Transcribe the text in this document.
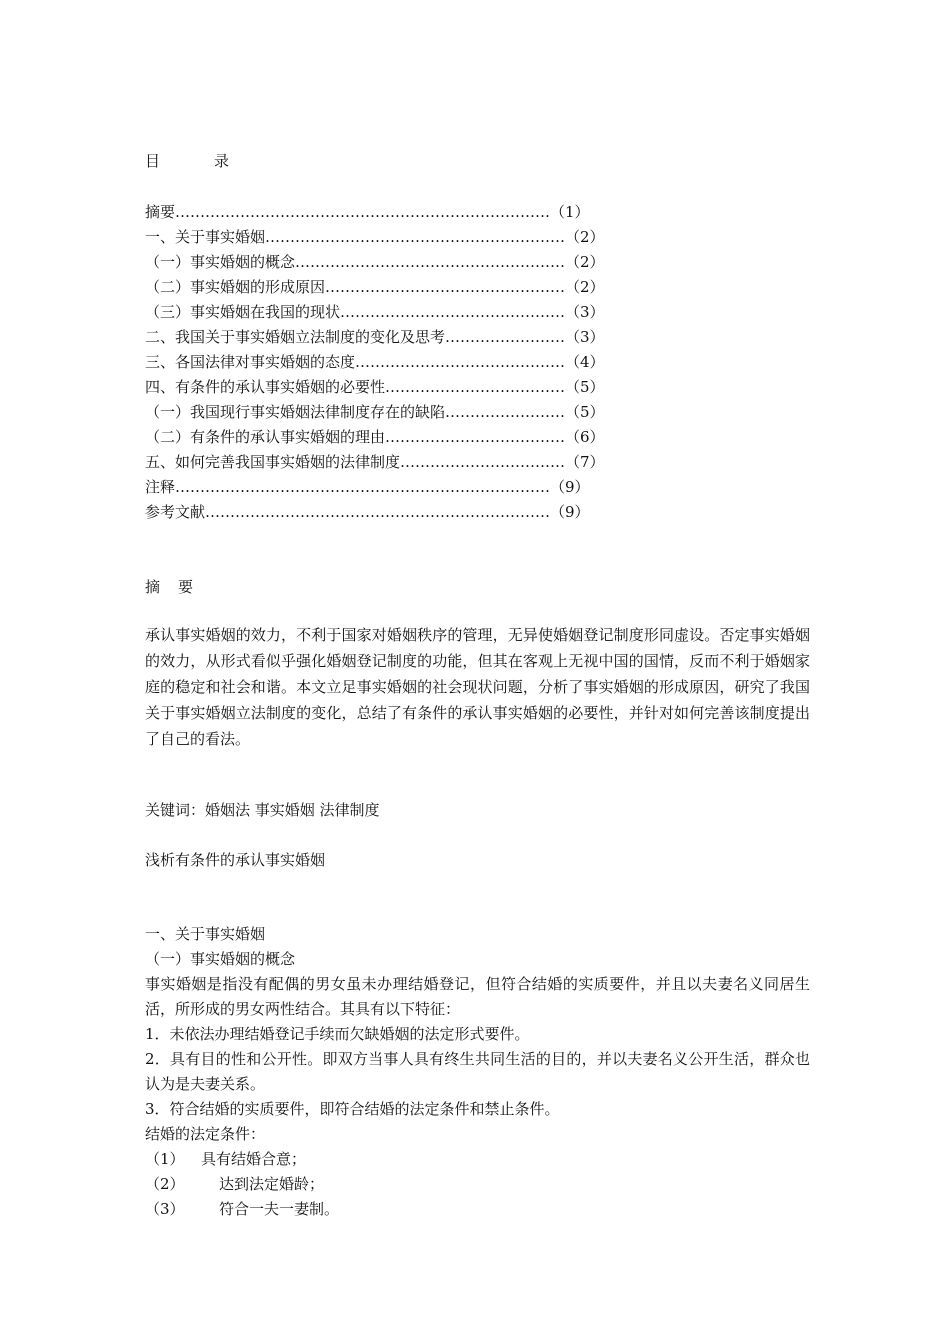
目	录
摘要…………………………………………………………………（1）
一、关于事实婚姻……………………………………………………（2）
（一）事实婚姻的概念………………………………………………（2）
（二）事实婚姻的形成原因…………………………………………（2）
（三）事实婚姻在我国的现状………………………………………（3）
二、我国关于事实婚姻立法制度的变化及思考……………………（3）
三、各国法律对事实婚姻的态度……………………………………（4）
四、有条件的承认事实婚姻的必要性………………………………（5）
（一）我国现行事实婚姻法律制度存在的缺陷……………………（5）
（二）有条件的承认事实婚姻的理由………………………………（6）
五、如何完善我国事实婚姻的法律制度……………………………（7）
注释…………………………………………………………………（9）
参考文献……………………………………………………………（9）
摘 要
承认事实婚姻的效力，不利于国家对婚姻秩序的管理，无异使婚姻登记制度形同虚设。否定事实婚姻的效力，从形式看似乎强化婚姻登记制度的功能，但其在客观上无视中国的国情，反而不利于婚姻家庭的稳定和社会和谐。本文立足事实婚姻的社会现状问题，分析了事实婚姻的形成原因，研究了我国关于事实婚姻立法制度的变化，总结了有条件的承认事实婚姻的必要性，并针对如何完善该制度提出了自己的看法。
关键词：婚姻法 事实婚姻 法律制度
浅析有条件的承认事实婚姻
一、关于事实婚姻
（一）事实婚姻的概念
事实婚姻是指没有配偶的男女虽未办理结婚登记，但符合结婚的实质要件，并且以夫妻名义同居生活，所形成的男女两性结合。其具有以下特征：
1．未依法办理结婚登记手续而欠缺婚姻的法定形式要件。
2．具有目的性和公开性。即双方当事人具有终生共同生活的目的，并以夫妻名义公开生活，群众也认为是夫妻关系。
3．符合结婚的实质要件，即符合结婚的法定条件和禁止条件。
结婚的法定条件：
（1） 具有结婚合意；
（2） 达到法定婚龄；
（3） 符合一夫一妻制。
